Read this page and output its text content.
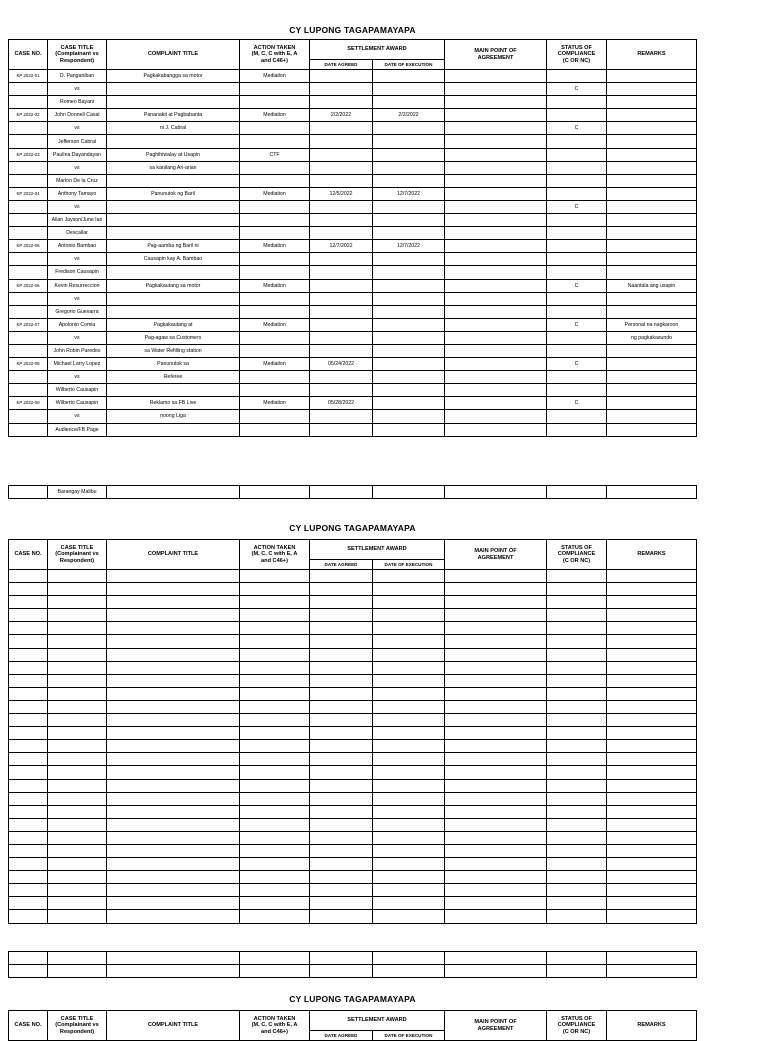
CY LUPONG TAGAPAMAYAPA
CASE NO.	CASE TITLE
(Complainant vs
Respondent)	COMPLAINT TITLE	ACTION TAKEN
(M, C, C with E, A
and C46+)	SETTLEMENT AWARD		MAIN POINT OF
AGREEMENT	STATUS OF
COMPLIANCE
(C OR NC)	REMARKS
				DATE AGREED	DATE OF EXECUTION			
KP 2022-01	D. Panganiban	Pagkakabangga sa motor	Mediation					
	vs						C	
	Romeo Bayani							
KP 2022-02	John Donnell Casal	Pananakit at Pagbabanta	Mediation	2/2/2022	2/2/2022			
	vs	ni J. Cabral					C	
	Jefferson Cabral							
KP 2022-03	Paulina Dayandayan	Paghihiwalay at Usapin	CTF					
	vs	sa kanilang Ari-arian						
	Marlon De la Cruz							
KP 2022-04	Anthony Tamayo	Panunutok ng Baril	Mediation	12/5/2022	12/7/2022			
	vs						C	
	Allan Jayson/June Ian							
	Descallar							
KP 2022-05	Antonio Bambao	Pag-aamba ng Baril ni	Mediation	12/7/2022	12/7/2022			
	vs	Causapin kay A. Bambao						
	Fredison Causapin							
KP 2022-06	Kevin Resurreccion	Pagkakautang sa motor	Mediation				C	Naantala ang usapin
	vs							
	Gregorio Guevarra							
KP 2022-07	Apolonio Comia	Pagkakautang at	Mediation				C	Personal na nagkaroon
	vs	Pag-agaw sa Customers						ng pagkakasundo
	John Robin Paredes	sa Water Refilling station						
KP 2022-08	Michael Larry Lopez	Panunutok sa	Mediation	05/24/2022			C	
	vs	Referee						
	Wilberto Causapin							
KP 2022-09	Wilberto Causapin	Reklamo sa FB Live	Mediation	05/28/2022			C	
	vs	noong Liga						
	Audience/FB Page							
	Barangay Malibu							
CY LUPONG TAGAPAMAYAPA
CASE NO.	CASE TITLE
(Complainant vs
Respondent)	COMPLAINT TITLE	ACTION TAKEN
(M, C, C with E, A
and C46+)	SETTLEMENT AWARD		MAIN POINT OF
AGREEMENT	STATUS OF
COMPLIANCE
(C OR NC)	REMARKS
				DATE AGREED	DATE OF EXECUTION			

CY LUPONG TAGAPAMAYAPA
CASE NO.	CASE TITLE
(Complainant vs
Respondent)	COMPLAINT TITLE	ACTION TAKEN
(M, C, C with E, A
and C46+)	SETTLEMENT AWARD		MAIN POINT OF
AGREEMENT	STATUS OF
COMPLIANCE
(C OR NC)	REMARKS
				DATE AGREED	DATE OF EXECUTION			
